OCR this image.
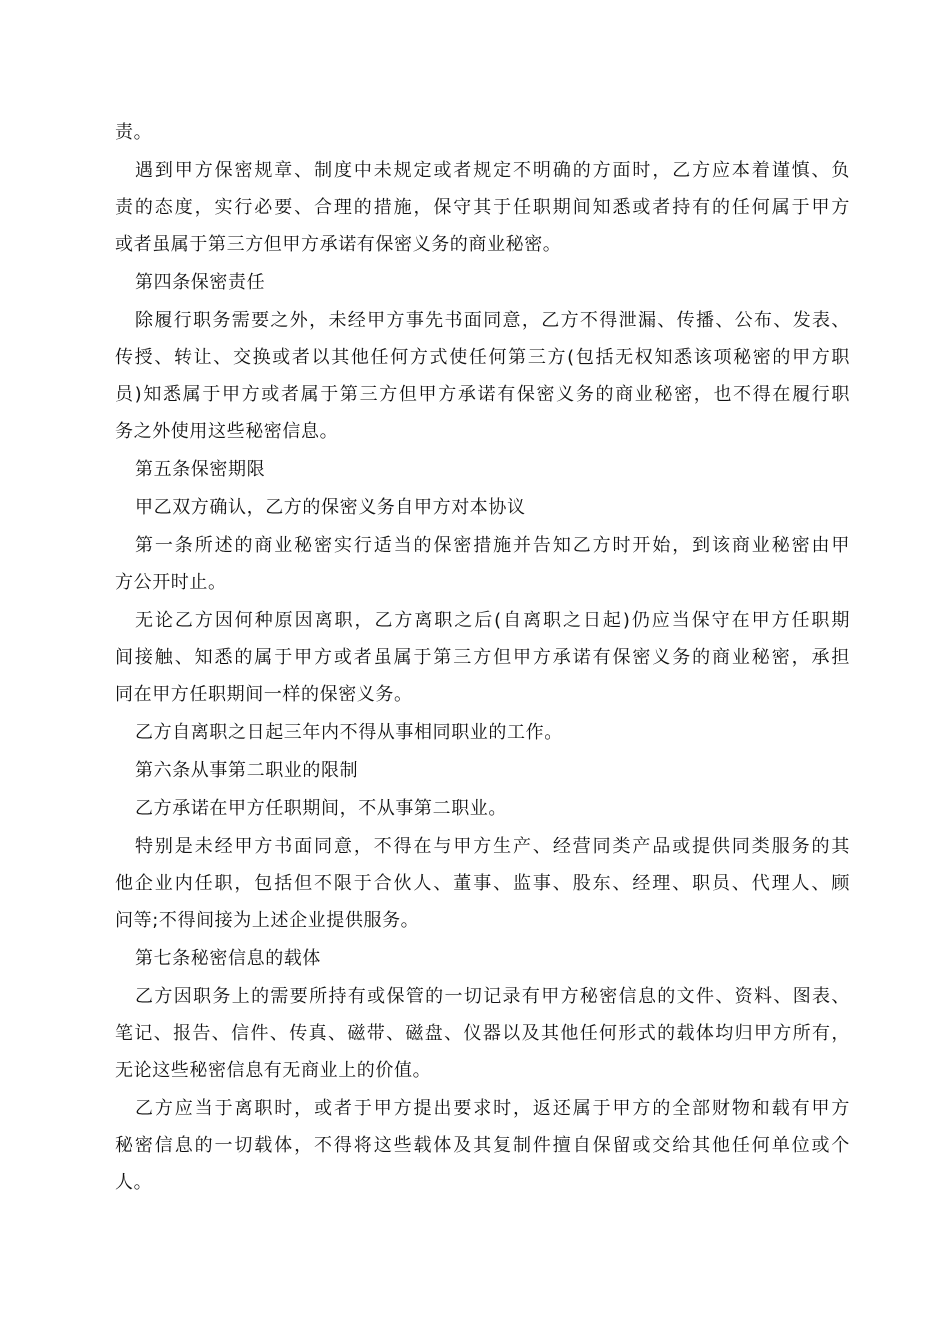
责。
遇到甲方保密规章、制度中未规定或者规定不明确的方面时，乙方应本着谨慎、负
责的态度，实行必要、合理的措施，保守其于任职期间知悉或者持有的任何属于甲方
或者虽属于第三方但甲方承诺有保密义务的商业秘密。
第四条保密责任
除履行职务需要之外，未经甲方事先书面同意，乙方不得泄漏、传播、公布、发表、
传授、转让、交换或者以其他任何方式使任何第三方(包括无权知悉该项秘密的甲方职
员)知悉属于甲方或者属于第三方但甲方承诺有保密义务的商业秘密，也不得在履行职
务之外使用这些秘密信息。
第五条保密期限
甲乙双方确认，乙方的保密义务自甲方对本协议
第一条所述的商业秘密实行适当的保密措施并告知乙方时开始，到该商业秘密由甲
方公开时止。
无论乙方因何种原因离职，乙方离职之后(自离职之日起)仍应当保守在甲方任职期
间接触、知悉的属于甲方或者虽属于第三方但甲方承诺有保密义务的商业秘密，承担
同在甲方任职期间一样的保密义务。
乙方自离职之日起三年内不得从事相同职业的工作。
第六条从事第二职业的限制
乙方承诺在甲方任职期间，不从事第二职业。
特别是未经甲方书面同意，不得在与甲方生产、经营同类产品或提供同类服务的其
他企业内任职，包括但不限于合伙人、董事、监事、股东、经理、职员、代理人、顾
问等;不得间接为上述企业提供服务。
第七条秘密信息的载体
乙方因职务上的需要所持有或保管的一切记录有甲方秘密信息的文件、资料、图表、
笔记、报告、信件、传真、磁带、磁盘、仪器以及其他任何形式的载体均归甲方所有，
无论这些秘密信息有无商业上的价值。
乙方应当于离职时，或者于甲方提出要求时，返还属于甲方的全部财物和载有甲方
秘密信息的一切载体，不得将这些载体及其复制件擅自保留或交给其他任何单位或个
人。
